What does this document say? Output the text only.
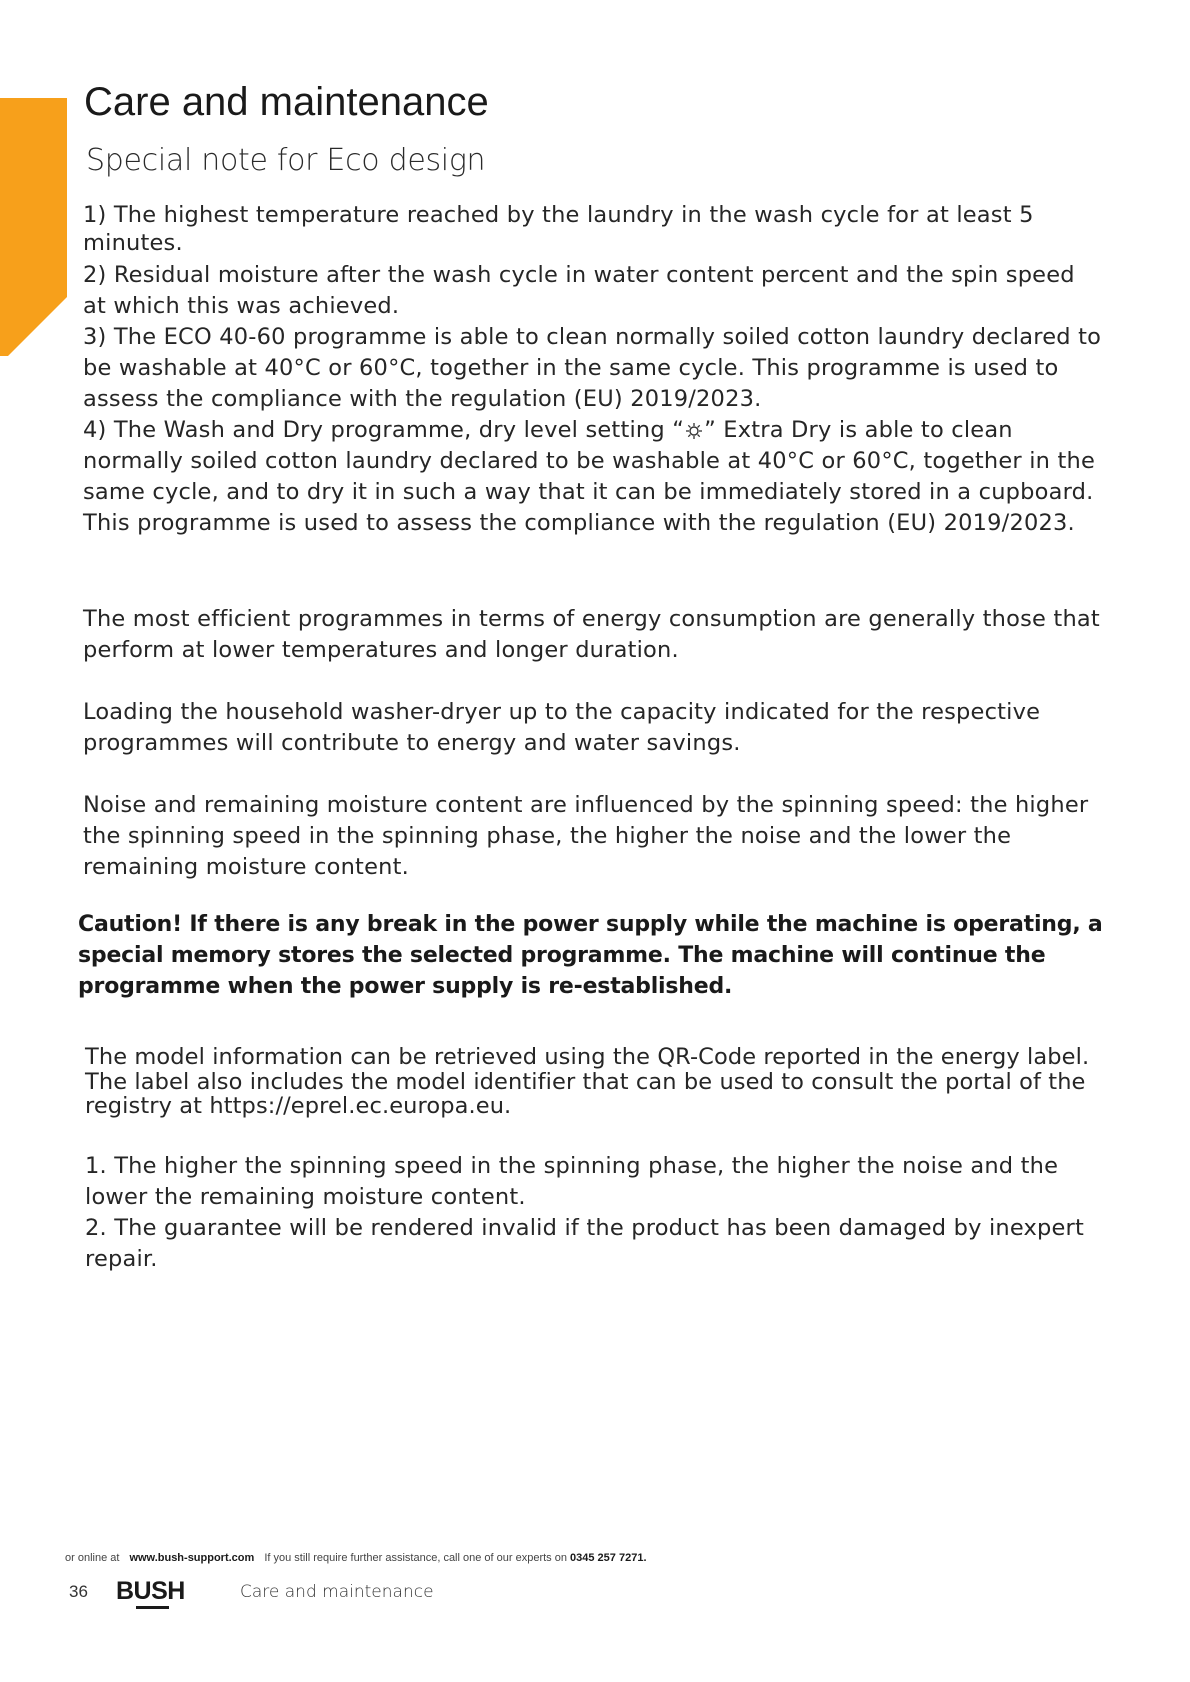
Care and maintenance
Special note for Eco design

1) The highest temperature reached by the laundry in the wash cycle for at least 5 minutes.

2) Residual moisture after the wash cycle in water content percent and the spin speed at which this was achieved.

3) The ECO 40-60 programme is able to clean normally soiled cotton laundry declared to be washable at 40°C or 60°C, together in the same cycle. This programme is used to assess the compliance with the regulation (EU) 2019/2023.

4) The Wash and Dry programme, dry level setting “ ” Extra Dry is able to clean normally soiled cotton laundry declared to be washable at 40°C or 60°C, together in the same cycle, and to dry it in such a way that it can be immediately stored in a cupboard. This programme is used to assess the compliance with the regulation (EU) 2019/2023.

The most efficient programmes in terms of energy consumption are generally those that perform at lower temperatures and longer duration.

Loading the household washer-dryer up to the capacity indicated for the respective programmes will contribute to energy and water savings.

Noise and remaining moisture content are influenced by the spinning speed: the higher the spinning speed in the spinning phase, the higher the noise and the lower the remaining moisture content.

Caution! If there is any break in the power supply while the machine is operating, a special memory stores the selected programme. The machine will continue the programme when the power supply is re-established.

The model information can be retrieved using the QR-Code reported in the energy label. The label also includes the model identifier that can be used to consult the portal of the registry at https://eprel.ec.europa.eu.

1. The higher the spinning speed in the spinning phase, the higher the noise and the lower the remaining moisture content.

2. The guarantee will be rendered invalid if the product has been damaged by inexpert repair.

or online at www.bush-support.com If you still require further assistance, call one of our experts on 0345 257 7271.
36 BUSH	Care and maintenance
